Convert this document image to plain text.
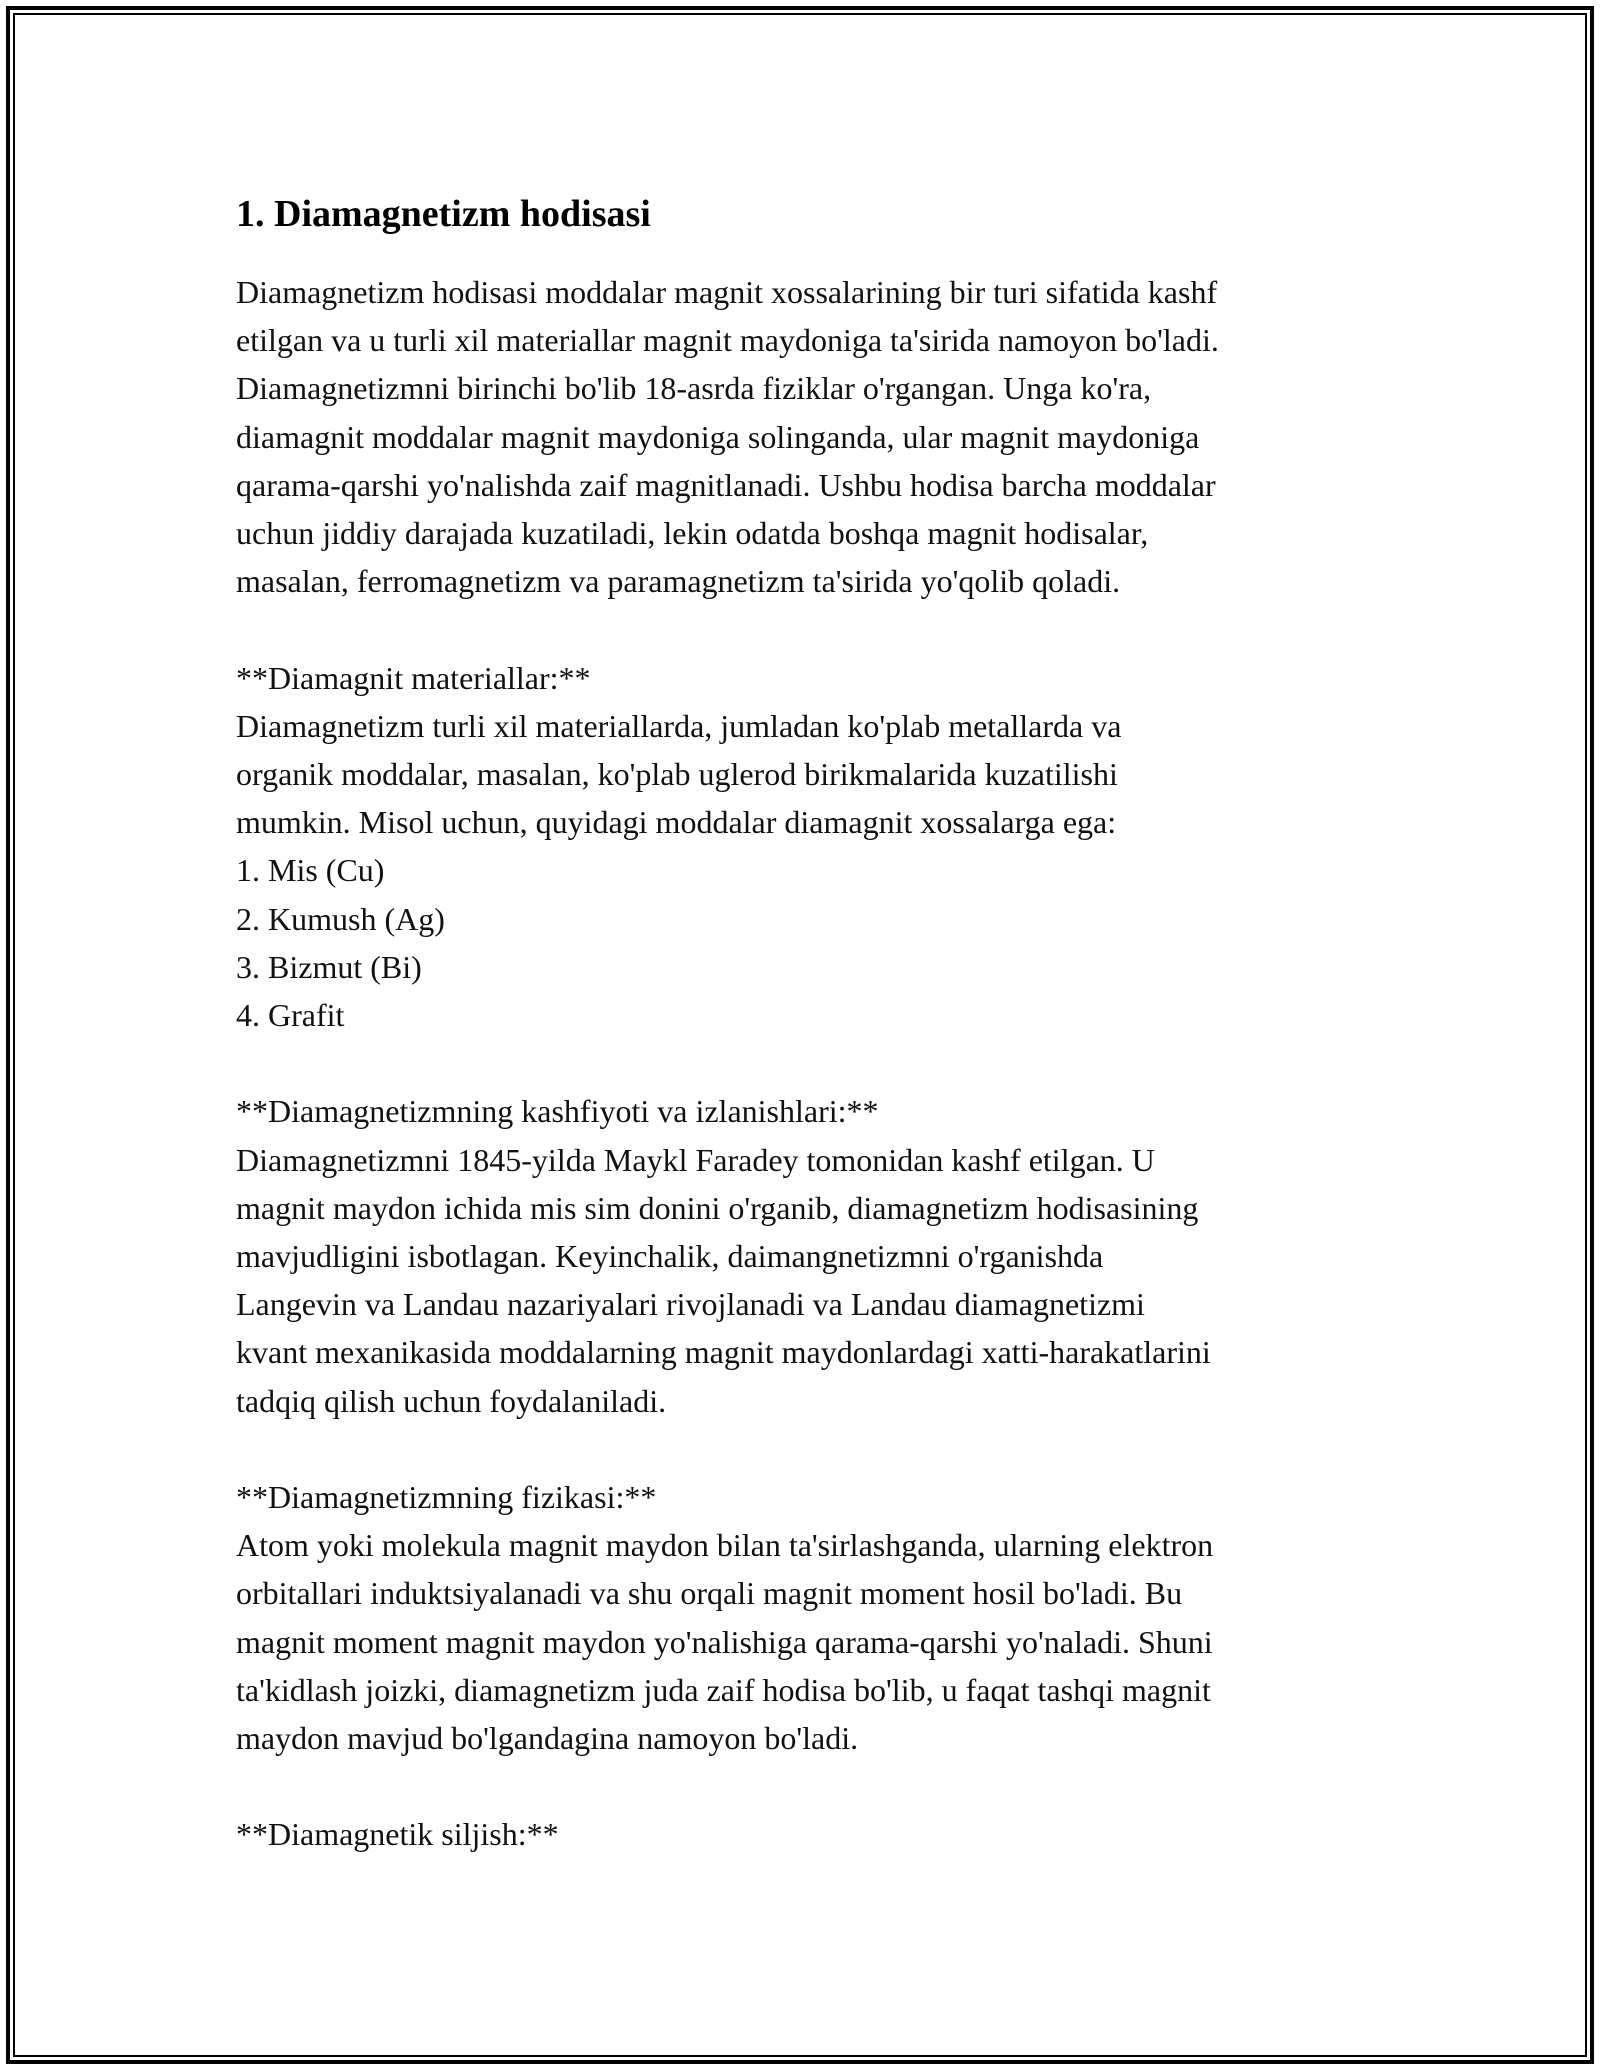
1. Diamagnetizm hodisasi

Diamagnetizm hodisasi moddalar magnit xossalarining bir turi sifatida kashf
etilgan va u turli xil materiallar magnit maydoniga ta'sirida namoyon bo'ladi.
Diamagnetizmni birinchi bo'lib 18-asrda fiziklar o'rgangan. Unga ko'ra,
diamagnit moddalar magnit maydoniga solinganda, ular magnit maydoniga
qarama-qarshi yo'nalishda zaif magnitlanadi. Ushbu hodisa barcha moddalar
uchun jiddiy darajada kuzatiladi, lekin odatda boshqa magnit hodisalar,
masalan, ferromagnetizm va paramagnetizm ta'sirida yo'qolib qoladi.

**Diamagnit materiallar:**
Diamagnetizm turli xil materiallarda, jumladan ko'plab metallarda va
organik moddalar, masalan, ko'plab uglerod birikmalarida kuzatilishi
mumkin. Misol uchun, quyidagi moddalar diamagnit xossalarga ega:
1. Mis (Cu)
2. Kumush (Ag)
3. Bizmut (Bi)
4. Grafit

**Diamagnetizmning kashfiyoti va izlanishlari:**
Diamagnetizmni 1845-yilda Maykl Faradey tomonidan kashf etilgan. U
magnit maydon ichida mis sim donini o'rganib, diamagnetizm hodisasining
mavjudligini isbotlagan. Keyinchalik, daimangnetizmni o'rganishda
Langevin va Landau nazariyalari rivojlanadi va Landau diamagnetizmi
kvant mexanikasida moddalarning magnit maydonlardagi xatti-harakatlarini
tadqiq qilish uchun foydalaniladi.

**Diamagnetizmning fizikasi:**
Atom yoki molekula magnit maydon bilan ta'sirlashganda, ularning elektron
orbitallari induktsiyalanadi va shu orqali magnit moment hosil bo'ladi. Bu
magnit moment magnit maydon yo'nalishiga qarama-qarshi yo'naladi. Shuni
ta'kidlash joizki, diamagnetizm juda zaif hodisa bo'lib, u faqat tashqi magnit
maydon mavjud bo'lgandagina namoyon bo'ladi.

**Diamagnetik siljish:**
